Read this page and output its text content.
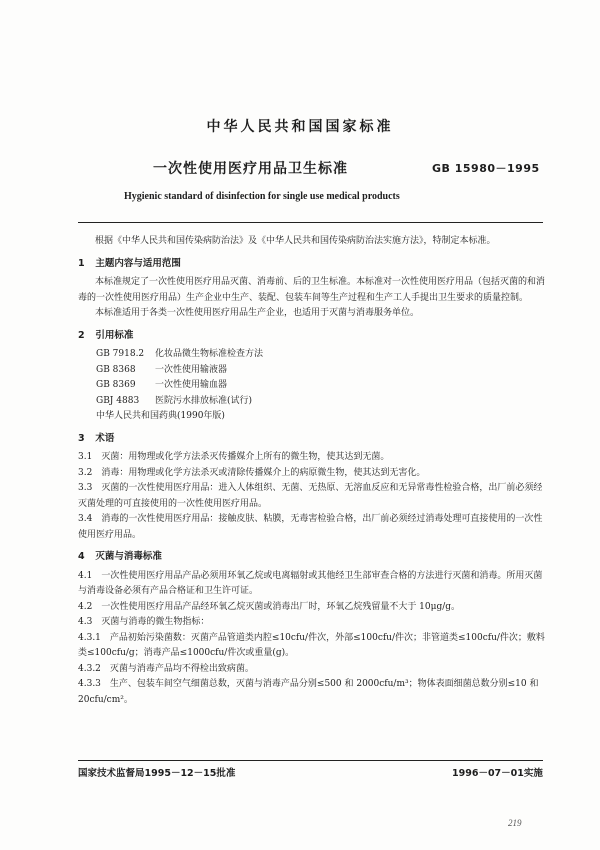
中华人民共和国国家标准
一次性使用医疗用品卫生标准	GB 15980－1995
Hygienic standard of disinfection for single use medical products

根据《中华人民共和国传染病防治法》及《中华人民共和国传染病防治法实施方法》，特制定本标准。

1 主题内容与适用范围

本标准规定了一次性使用医疗用品灭菌、消毒前、后的卫生标准。本标准对一次性使用医疗用品（包括灭菌的和消毒的一次性使用医疗用品）生产企业中生产、装配、包装车间等生产过程和生产工人手提出卫生要求的质量控制。

本标准适用于各类一次性使用医疗用品生产企业，也适用于灭菌与消毒服务单位。

2 引用标准

GB 7918.2　 化妆品微生物标准检查方法

GB 8368　 一次性使用输液器

GB 8369　 一次性使用输血器

GBJ 4883　 医院污水排放标准(试行)

中华人民共和国药典(1990年版)

3 术语

3.1　灭菌：用物理或化学方法杀灭传播媒介上所有的微生物，使其达到无菌。

3.2　消毒：用物理或化学方法杀灭或清除传播媒介上的病原微生物，使其达到无害化。

3.3　灭菌的一次性使用医疗用品：进入人体组织、无菌、无热原、无溶血反应和无异常毒性检验合格，出厂前必须经灭菌处理的可直接使用的一次性使用医疗用品。

3.4　消毒的一次性使用医疗用品：接触皮肤、粘膜，无毒害检验合格，出厂前必须经过消毒处理可直接使用的一次性使用医疗用品。

4 灭菌与消毒标准

4.1　一次性使用医疗用品产品必须用环氧乙烷或电离辐射或其他经卫生部审查合格的方法进行灭菌和消毒。所用灭菌与消毒设备必须有产品合格证和卫生许可证。

4.2　一次性使用医疗用品产品经环氧乙烷灭菌或消毒出厂时，环氧乙烷残留量不大于 10μg/g。

4.3　灭菌与消毒的微生物指标：

4.3.1　产品初始污染菌数：灭菌产品管道类内腔≤10cfu/件次，外部≤100cfu/件次；非管道类≤100cfu/件次；敷料类≤100cfu/g；消毒产品≤1000cfu/件次或重量(g)。

4.3.2　灭菌与消毒产品均不得检出致病菌。

4.3.3　生产、包装车间空气细菌总数，灭菌与消毒产品分别≤500 和 2000cfu/m³；物体表面细菌总数分别≤10 和 20cfu/cm²。

国家技术监督局1995－12－15批准	1996－07－01实施
219
